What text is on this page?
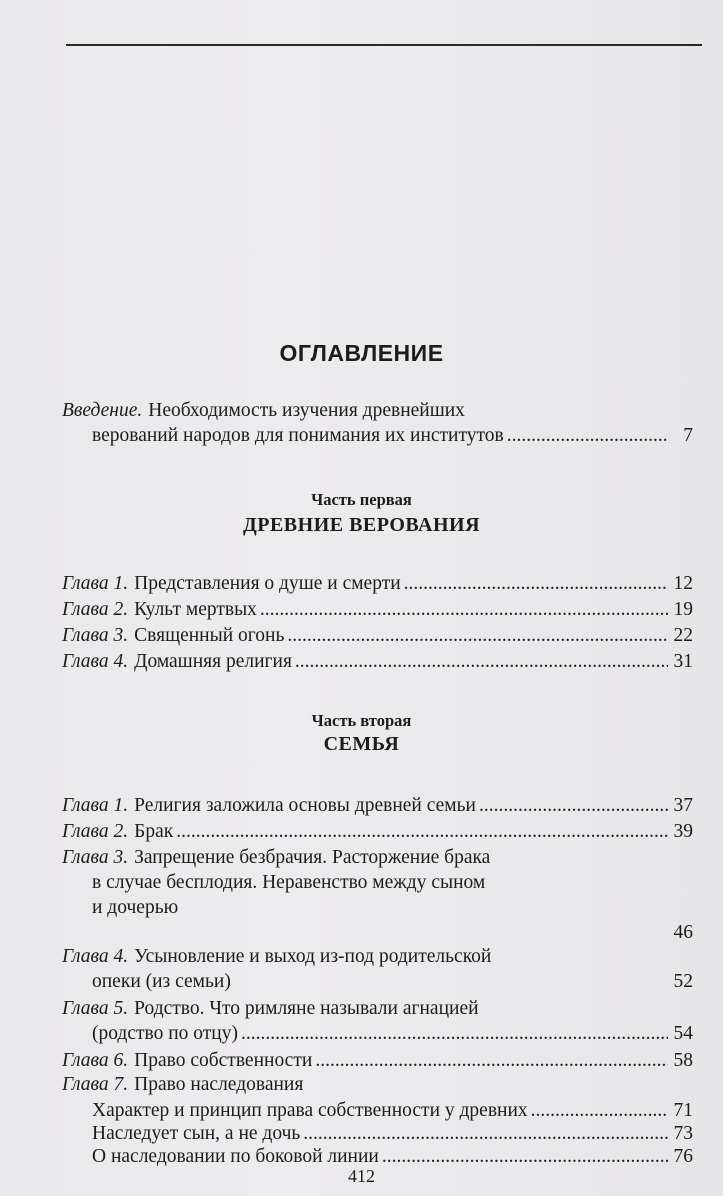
ОГЛАВЛЕНИЕ
Введение. Необходимость изучения древнейших
верований народов для понимания их институтов .....	7
Часть первая
ДРЕВНИЕ ВЕРОВАНИЯ
Глава 1. Представления о душе и смерти .....	12
Глава 2. Культ мертвых .....	19
Глава 3. Священный огонь .....	22
Глава 4. Домашняя религия .....	31
Часть вторая
СЕМЬЯ
Глава 1. Религия заложила основы древней семьи .....	37
Глава 2. Брак .....	39
Глава 3. Запрещение безбрачия. Расторжение брака
в случае бесплодия. Неравенство между сыном
и дочерью
46
Глава 4. Усыновление и выход из-под родительской
опеки (из семьи)	52
Глава 5. Родство. Что римляне называли агнацией
(родство по отцу) .....	54
Глава 6. Право собственности .....	58
Глава 7. Право наследования
Характер и принцип права собственности у древних .....	71
Наследует сын, а не дочь .....	73
О наследовании по боковой линии .....	76
412
